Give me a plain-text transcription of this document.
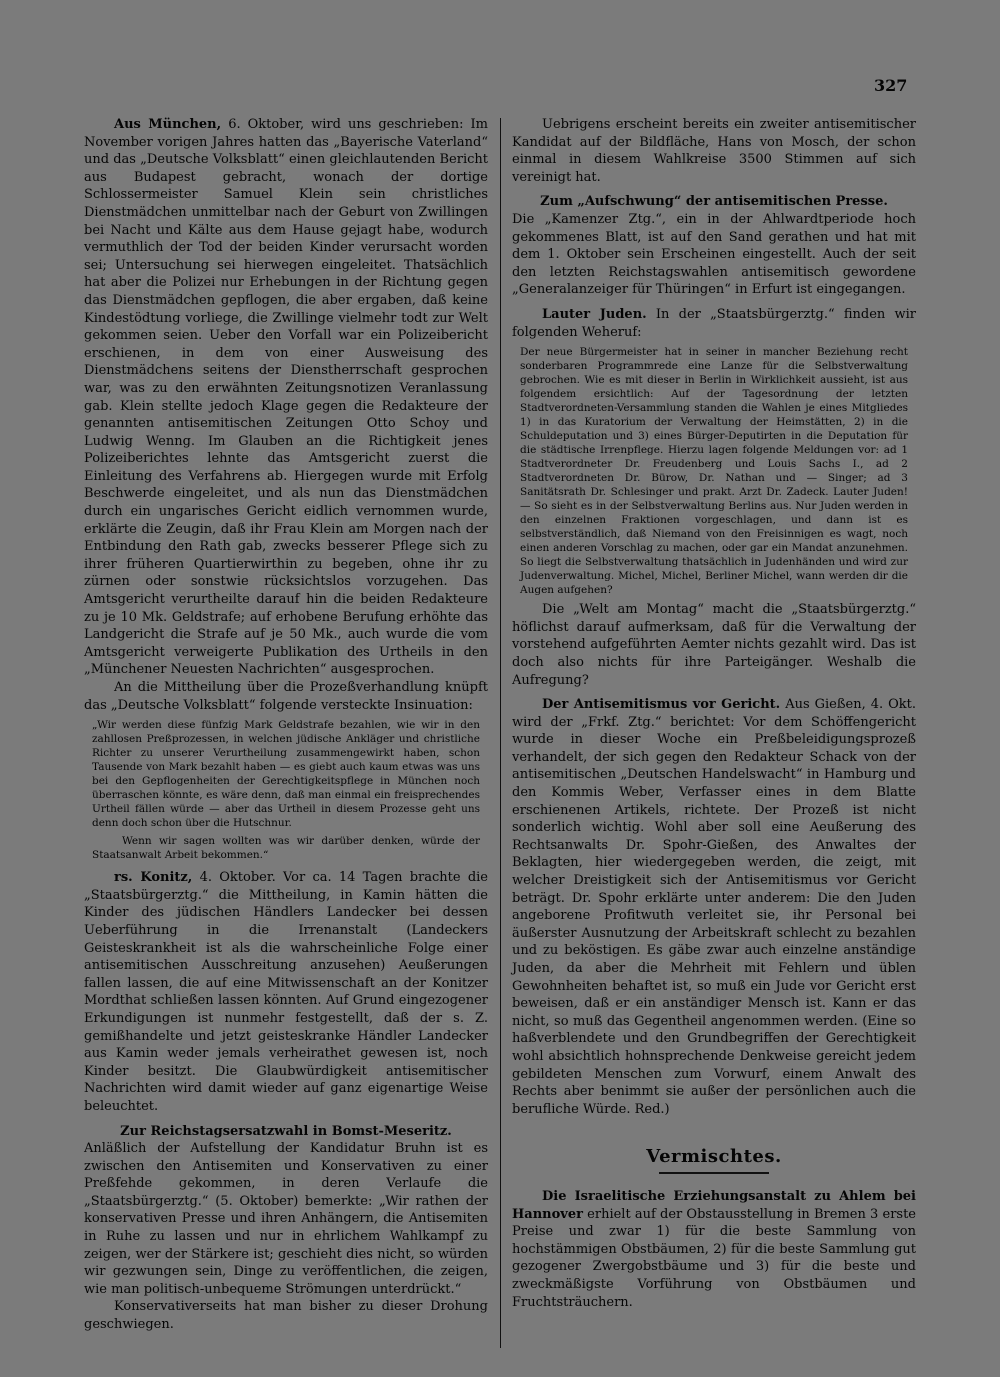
327

Aus München, 6. Oktober, wird uns geschrieben: Im November vorigen Jahres hatten das „Bayerische Vaterland“ und das „Deutsche Volksblatt“ einen gleichlautenden Bericht aus Budapest gebracht, wonach der dortige Schlossermeister Samuel Klein sein christliches Dienstmädchen unmittelbar nach der Geburt von Zwillingen bei Nacht und Kälte aus dem Hause gejagt habe, wodurch vermuthlich der Tod der beiden Kinder verursacht worden sei; Untersuchung sei hierwegen eingeleitet. Thatsächlich hat aber die Polizei nur Erhebungen in der Richtung gegen das Dienstmädchen gepflogen, die aber ergaben, daß keine Kindestödtung vorliege, die Zwillinge vielmehr todt zur Welt gekommen seien. Ueber den Vorfall war ein Polizeibericht erschienen, in dem von einer Ausweisung des Dienstmädchens seitens der Dienstherrschaft gesprochen war, was zu den erwähnten Zeitungsnotizen Veranlassung gab. Klein stellte jedoch Klage gegen die Redakteure der genannten antisemitischen Zeitungen Otto Schoy und Ludwig Wenng. Im Glauben an die Richtigkeit jenes Polizeiberichtes lehnte das Amtsgericht zuerst die Einleitung des Verfahrens ab. Hiergegen wurde mit Erfolg Beschwerde eingeleitet, und als nun das Dienstmädchen durch ein ungarisches Gericht eidlich vernommen wurde, erklärte die Zeugin, daß ihr Frau Klein am Morgen nach der Entbindung den Rath gab, zwecks besserer Pflege sich zu ihrer früheren Quartierwirthin zu begeben, ohne ihr zu zürnen oder sonstwie rücksichtslos vorzugehen. Das Amtsgericht verurtheilte darauf hin die beiden Redakteure zu je 10 Mk. Geldstrafe; auf erhobene Berufung erhöhte das Landgericht die Strafe auf je 50 Mk., auch wurde die vom Amtsgericht verweigerte Publikation des Urtheils in den „Münchener Neuesten Nachrichten“ ausgesprochen.

An die Mittheilung über die Prozeßverhandlung knüpft das „Deutsche Volksblatt“ folgende versteckte Insinuation:

„Wir werden diese fünfzig Mark Geldstrafe bezahlen, wie wir in den zahllosen Preßprozessen, in welchen jüdische Ankläger und christliche Richter zu unserer Verurtheilung zusammengewirkt haben, schon Tausende von Mark bezahlt haben — es giebt auch kaum etwas was uns bei den Gepflogenheiten der Gerechtigkeitspflege in München noch überraschen könnte, es wäre denn, daß man einmal ein freisprechendes Urtheil fällen würde — aber das Urtheil in diesem Prozesse geht uns denn doch schon über die Hutschnur.

Wenn wir sagen wollten was wir darüber denken, würde der Staatsanwalt Arbeit bekommen.“

rs. Konitz, 4. Oktober. Vor ca. 14 Tagen brachte die „Staatsbürgerztg.“ die Mittheilung, in Kamin hätten die Kinder des jüdischen Händlers Landecker bei dessen Ueberführung in die Irrenanstalt (Landeckers Geisteskrankheit ist als die wahrscheinliche Folge einer antisemitischen Ausschreitung anzusehen) Aeußerungen fallen lassen, die auf eine Mitwissenschaft an der Konitzer Mordthat schließen lassen könnten. Auf Grund eingezogener Erkundigungen ist nunmehr festgestellt, daß der s. Z. gemißhandelte und jetzt geisteskranke Händler Landecker aus Kamin weder jemals verheirathet gewesen ist, noch Kinder besitzt. Die Glaubwürdigkeit antisemitischer Nachrichten wird damit wieder auf ganz eigenartige Weise beleuchtet.

Zur Reichstagsersatzwahl in Bomst-Meseritz.

Anläßlich der Aufstellung der Kandidatur Bruhn ist es zwischen den Antisemiten und Konservativen zu einer Preßfehde gekommen, in deren Verlaufe die „Staatsbürgerztg.“ (5. Oktober) bemerkte: „Wir rathen der konservativen Presse und ihren Anhängern, die Antisemiten in Ruhe zu lassen und nur in ehrlichem Wahlkampf zu zeigen, wer der Stärkere ist; geschieht dies nicht, so würden wir gezwungen sein, Dinge zu veröffentlichen, die zeigen, wie man politisch-unbequeme Strömungen unterdrückt.“

Konservativerseits hat man bisher zu dieser Drohung geschwiegen.

Uebrigens erscheint bereits ein zweiter antisemitischer Kandidat auf der Bildfläche, Hans von Mosch, der schon einmal in diesem Wahlkreise 3500 Stimmen auf sich vereinigt hat.

Zum „Aufschwung“ der antisemitischen Presse.

Die „Kamenzer Ztg.“, ein in der Ahlwardtperiode hoch gekommenes Blatt, ist auf den Sand gerathen und hat mit dem 1. Oktober sein Erscheinen eingestellt. Auch der seit den letzten Reichstagswahlen antisemitisch gewordene „Generalanzeiger für Thüringen“ in Erfurt ist eingegangen.

Lauter Juden. In der „Staatsbürgerztg.“ finden wir folgenden Weheruf:

Der neue Bürgermeister hat in seiner in mancher Beziehung recht sonderbaren Programmrede eine Lanze für die Selbstverwaltung gebrochen. Wie es mit dieser in Berlin in Wirklichkeit aussieht, ist aus folgendem ersichtlich: Auf der Tagesordnung der letzten Stadtverordneten-Versammlung standen die Wahlen je eines Mitgliedes 1) in das Kuratorium der Verwaltung der Heimstätten, 2) in die Schuldeputation und 3) eines Bürger-Deputirten in die Deputation für die städtische Irrenpflege. Hierzu lagen folgende Meldungen vor: ad 1 Stadtverordneter Dr. Freudenberg und Louis Sachs I., ad 2 Stadtverordneten Dr. Bürow, Dr. Nathan und — Singer; ad 3 Sanitätsrath Dr. Schlesinger und prakt. Arzt Dr. Zadeck. Lauter Juden! — So sieht es in der Selbstverwaltung Berlins aus. Nur Juden werden in den einzelnen Fraktionen vorgeschlagen, und dann ist es selbstverständlich, daß Niemand von den Freisinnigen es wagt, noch einen anderen Vorschlag zu machen, oder gar ein Mandat anzunehmen. So liegt die Selbstverwaltung thatsächlich in Judenhänden und wird zur Judenverwaltung. Michel, Michel, Berliner Michel, wann werden dir die Augen aufgehen?

Die „Welt am Montag“ macht die „Staatsbürgerztg.“ höflichst darauf aufmerksam, daß für die Verwaltung der vorstehend aufgeführten Aemter nichts gezahlt wird. Das ist doch also nichts für ihre Parteigänger. Weshalb die Aufregung?

Der Antisemitismus vor Gericht. Aus Gießen, 4. Okt. wird der „Frkf. Ztg.“ berichtet: Vor dem Schöffengericht wurde in dieser Woche ein Preßbeleidigungsprozeß verhandelt, der sich gegen den Redakteur Schack von der antisemitischen „Deutschen Handelswacht“ in Hamburg und den Kommis Weber, Verfasser eines in dem Blatte erschienenen Artikels, richtete. Der Prozeß ist nicht sonderlich wichtig. Wohl aber soll eine Aeußerung des Rechtsanwalts Dr. Spohr-Gießen, des Anwaltes der Beklagten, hier wiedergegeben werden, die zeigt, mit welcher Dreistigkeit sich der Antisemitismus vor Gericht beträgt. Dr. Spohr erklärte unter anderem: Die den Juden angeborene Profitwuth verleitet sie, ihr Personal bei äußerster Ausnutzung der Arbeitskraft schlecht zu bezahlen und zu beköstigen. Es gäbe zwar auch einzelne anständige Juden, da aber die Mehrheit mit Fehlern und üblen Gewohnheiten behaftet ist, so muß ein Jude vor Gericht erst beweisen, daß er ein anständiger Mensch ist. Kann er das nicht, so muß das Gegentheil angenommen werden. (Eine so haßverblendete und den Grundbegriffen der Gerechtigkeit wohl absichtlich hohnsprechende Denkweise gereicht jedem gebildeten Menschen zum Vorwurf, einem Anwalt des Rechts aber benimmt sie außer der persönlichen auch die berufliche Würde. Red.)

Vermischtes.

Die Israelitische Erziehungsanstalt zu Ahlem bei Hannover erhielt auf der Obstausstellung in Bremen 3 erste Preise und zwar 1) für die beste Sammlung von hochstämmigen Obstbäumen, 2) für die beste Sammlung gut gezogener Zwergobstbäume und 3) für die beste und zweckmäßigste Vorführung von Obstbäumen und Fruchtsträuchern.
